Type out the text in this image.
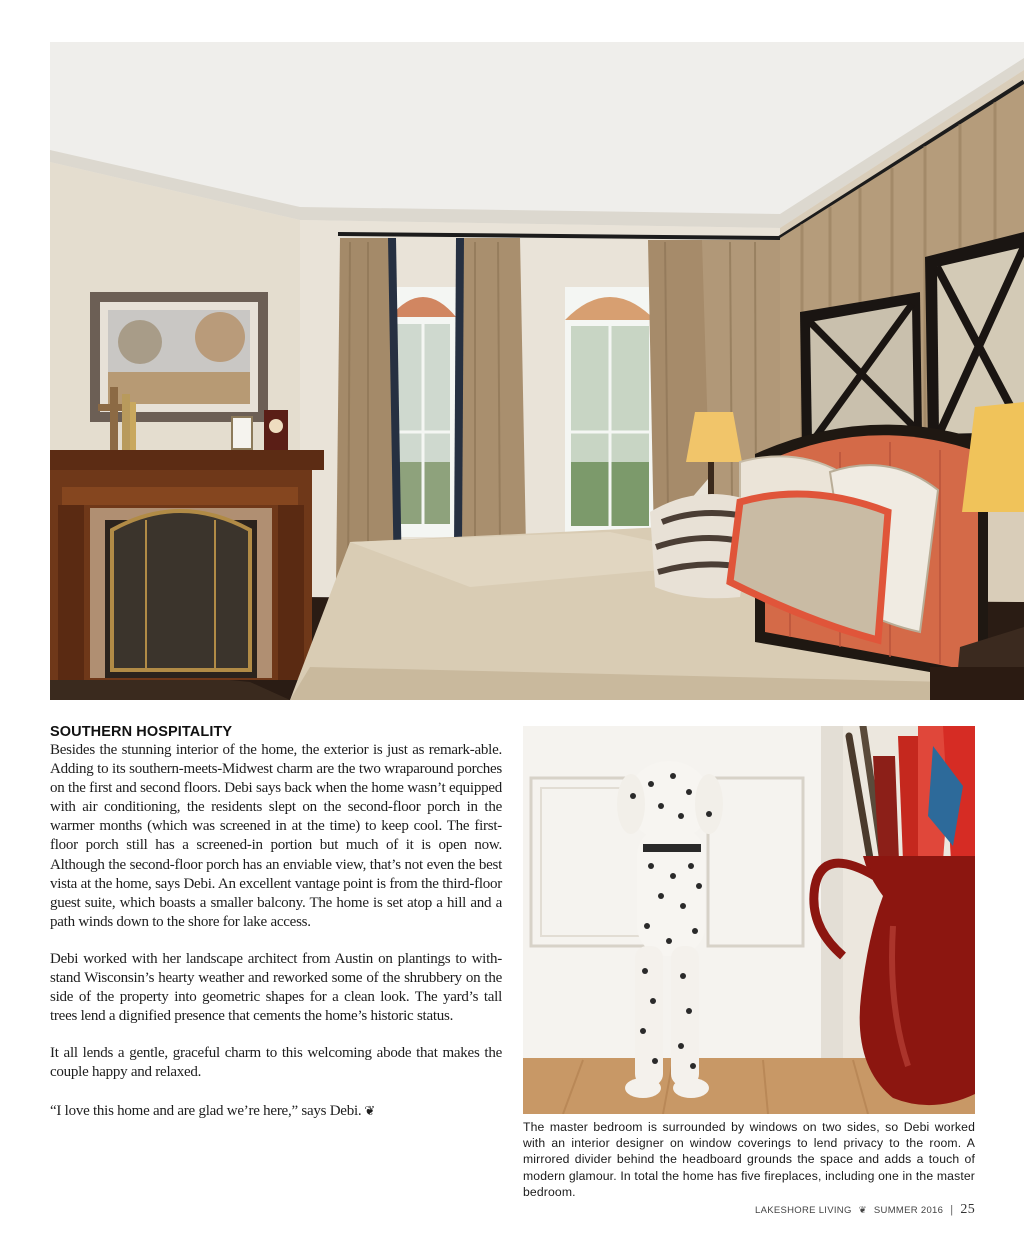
SOUTHERN HOSPITALITY

Besides the stunning interior of the home, the exterior is just as remark-able. Adding to its southern-meets-Midwest charm are the two wraparound porches on the first and second floors. Debi says back when the home wasn’t equipped with air conditioning, the residents slept on the second-floor porch in the warmer months (which was screened in at the time) to keep cool. The first-floor porch still has a screened-in portion but much of it is open now. Although the second-floor porch has an enviable view, that’s not even the best vista at the home, says Debi. An excellent vantage point is from the third-floor guest suite, which boasts a smaller balcony. The home is set atop a hill and a path winds down to the shore for lake access.

Debi worked with her landscape architect from Austin on plantings to with-stand Wisconsin’s hearty weather and reworked some of the shrubbery on the side of the property into geometric shapes for a clean look. The yard’s tall trees lend a dignified presence that cements the home’s historic status.

It all lends a gentle, graceful charm to this welcoming abode that makes the couple happy and relaxed.

“I love this home and are glad we’re here,” says Debi. ❦

The master bedroom is surrounded by windows on two sides, so Debi worked with an interior designer on window coverings to lend privacy to the room. A mirrored divider behind the headboard grounds the space and adds a touch of modern glamour. In total the home has five fireplaces, including one in the master bedroom.
LAKESHORE LIVING ❦ SUMMER 2016 | 25
